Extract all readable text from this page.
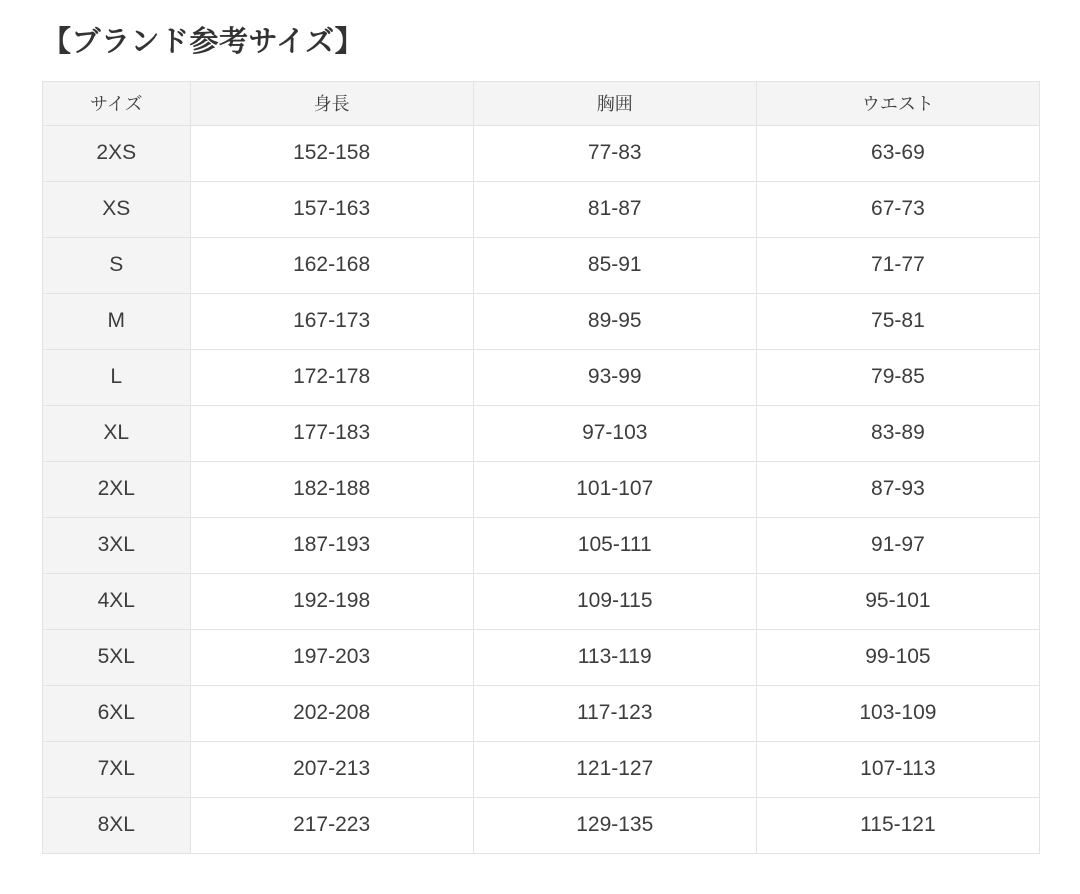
【ブランド参考サイズ】
サイズ	身長	胸囲	ウエスト
2XS	152-158	77-83	63-69
XS	157-163	81-87	67-73
S	162-168	85-91	71-77
M	167-173	89-95	75-81
L	172-178	93-99	79-85
XL	177-183	97-103	83-89
2XL	182-188	101-107	87-93
3XL	187-193	105-111	91-97
4XL	192-198	109-115	95-101
5XL	197-203	113-119	99-105
6XL	202-208	117-123	103-109
7XL	207-213	121-127	107-113
8XL	217-223	129-135	115-121
